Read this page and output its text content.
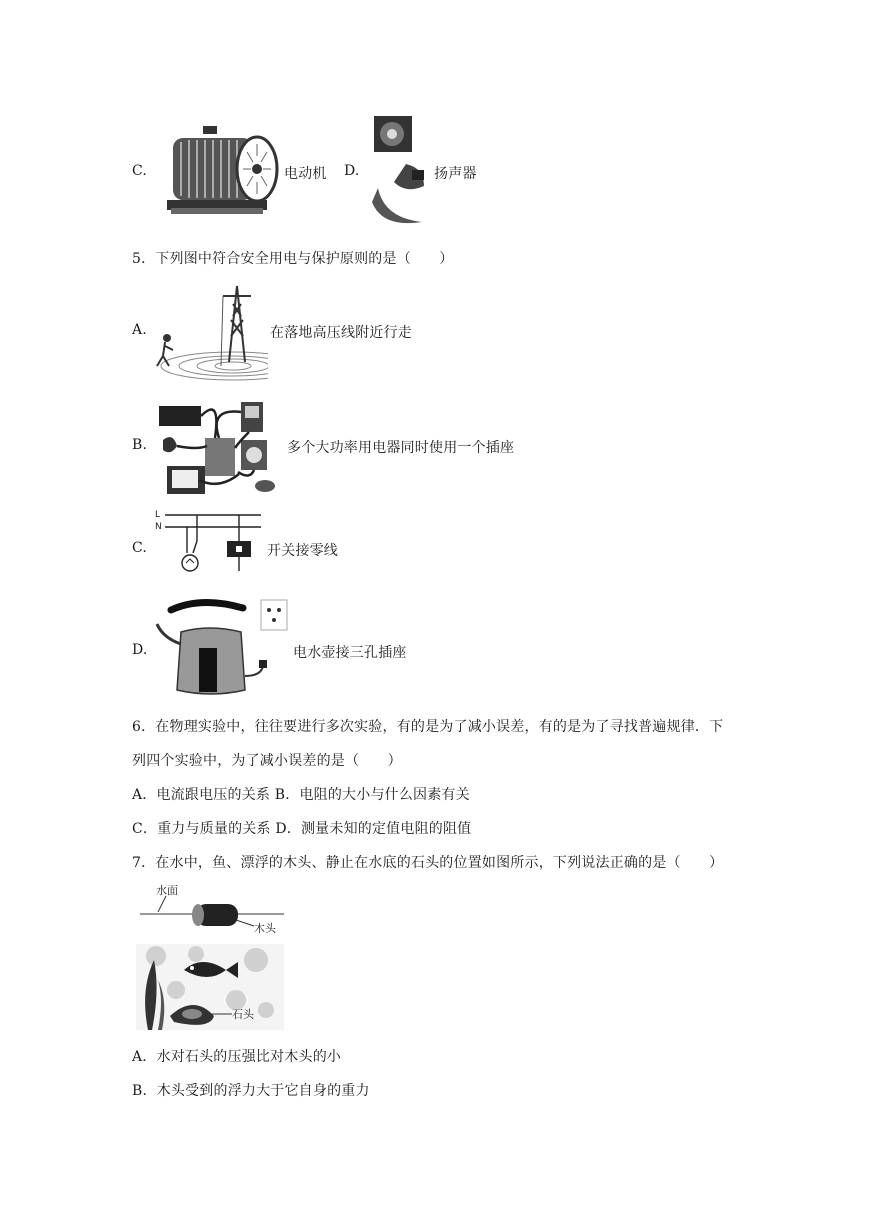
C.	电动机 D.	扬声器
5．下列图中符合安全用电与保护原则的是（　　）
A.	在落地高压线附近行走
B.	多个大功率用电器同时使用一个插座
C.
L
N
开关接零线
D.	电水壶接三孔插座
6．在物理实验中，往往要进行多次实验，有的是为了减小误差，有的是为了寻找普遍规律．下
列四个实验中，为了减小误差的是（　　）
A．电流跟电压的关系 B．电阻的大小与什么因素有关
C．重力与质量的关系 D．测量未知的定值电阻的阻值
7．在水中，鱼、漂浮的木头、静止在水底的石头的位置如图所示，下列说法正确的是（　　）
水面
木头
石头
A．水对石头的压强比对木头的小
B．木头受到的浮力大于它自身的重力
